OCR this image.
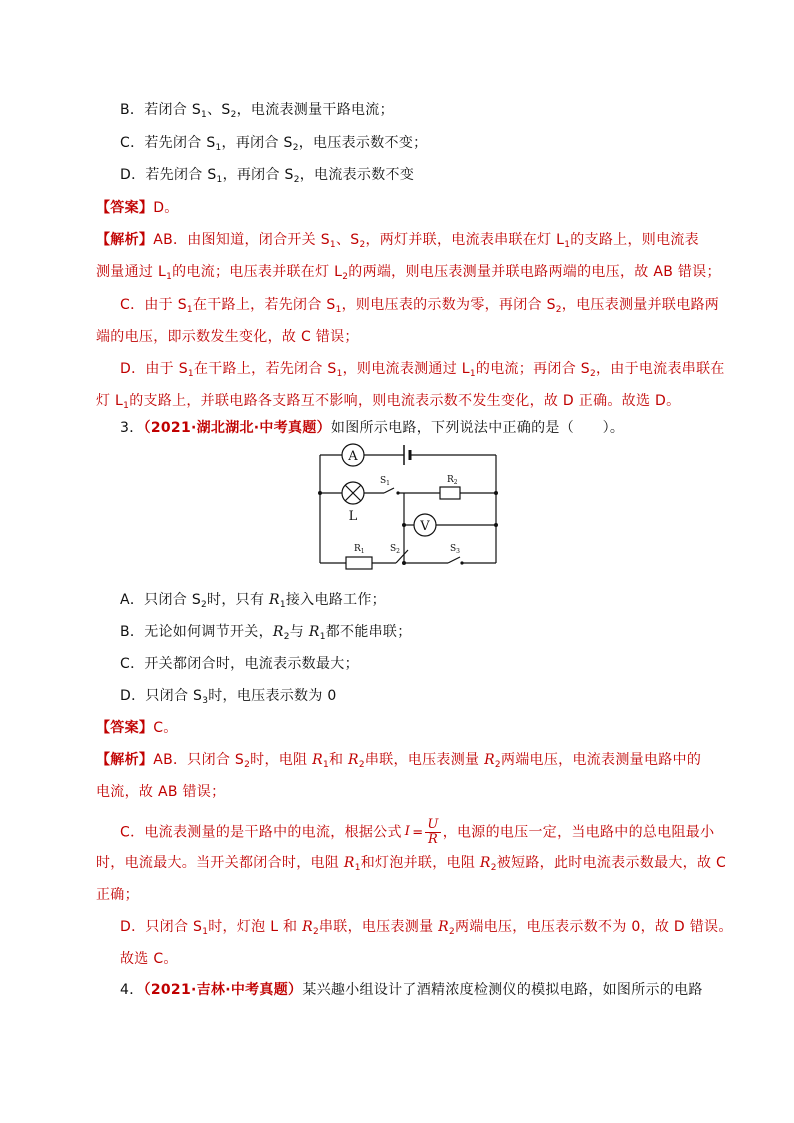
B．若闭合 $S_1$、$S_2$，电流表测量干路电流；
C．若先闭合 $S_1$，再闭合 $S_2$，电压表示数不变；
D．若先闭合 $S_1$，再闭合 $S_2$，电流表示数不变
【答案】D。
【解析】AB．由图知道，闭合开关 $S_1$、$S_2$，两灯并联，电流表串联在灯 $L_1$的支路上，则电流表
测量通过 $L_1$的电流；电压表并联在灯 $L_2$的两端，则电压表测量并联电路两端的电压，故 AB 错误；
C．由于 $S_1$在干路上，若先闭合 $S_1$，则电压表的示数为零，再闭合 $S_2$，电压表测量并联电路两
端的电压，即示数发生变化，故 C 错误；
D．由于 $S_1$在干路上，若先闭合 $S_1$，则电流表测通过 $L_1$的电流；再闭合 $S_2$，由于电流表串联在
灯 $L_1$的支路上，并联电路各支路互不影响，则电流表示数不发生变化，故 D 正确。故选 D。
3．（2021·湖北湖北·中考真题）如图所示电路，下列说法中正确的是（　　）。
A
L
$R_2$
$R_1$
V
$S_1$
$S_2$	$S_3$
A．只闭合 $S_2$时，只有 $R_1$接入电路工作；
B．无论如何调节开关，$R_2$与 $R_1$都不能串联；
C．开关都闭合时，电流表示数最大；
D．只闭合 $S_3$时，电压表示数为 0
【答案】C。
【解析】AB．只闭合 $S_2$时，电阻 $R_1$和 $R_2$串联，电压表测量 $R_2$两端电压，电流表测量电路中的
电流，故 AB 错误；
C．电流表测量的是干路中的电流，根据公式 $I = \frac{U}{R}$ ，电源的电压一定，当电路中的总电阻最小
时，电流最大。当开关都闭合时，电阻 $R_1$和灯泡并联，电阻 $R_2$被短路，此时电流表示数最大，故 C
正确；
D．只闭合 $S_1$时，灯泡 L 和 $R_2$串联，电压表测量 $R_2$两端电压，电压表示数不为 0，故 D 错误。
故选 C。
4．（2021·吉林·中考真题）某兴趣小组设计了酒精浓度检测仪的模拟电路，如图所示的电路
